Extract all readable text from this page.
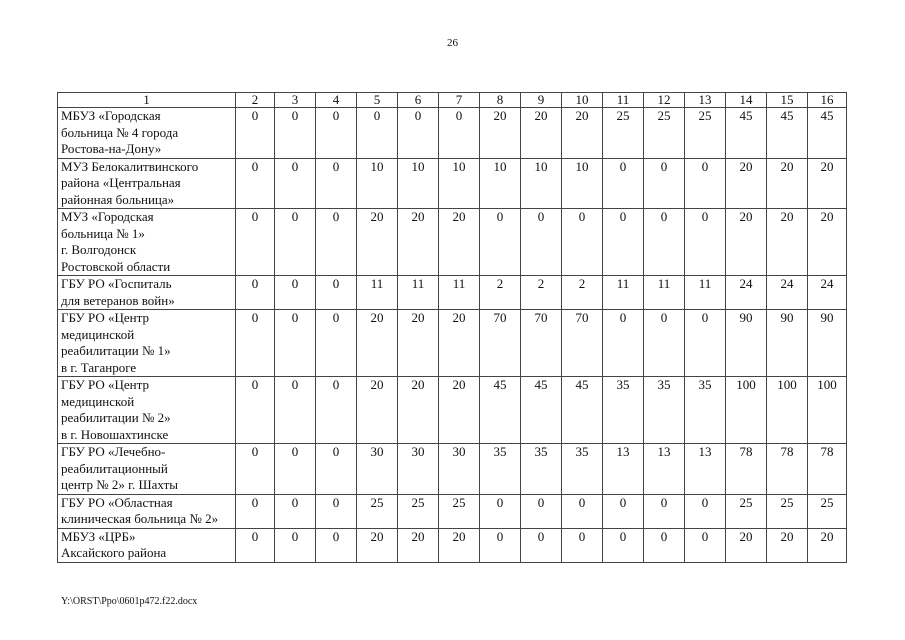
26
1	2	3	4	5	6	7	8	9	10	11	12	13	14	15	16
МБУЗ «Городская
больница № 4 города
Ростова-на-Дону»	0	0	0	0	0	0	20	20	20	25	25	25	45	45	45
МУЗ Белокалитвинского
района «Центральная
районная больница»	0	0	0	10	10	10	10	10	10	0	0	0	20	20	20
МУЗ «Городская
больница № 1»
г. Волгодонск
Ростовской области	0	0	0	20	20	20	0	0	0	0	0	0	20	20	20
ГБУ РО «Госпиталь
для ветеранов войн»	0	0	0	11	11	11	2	2	2	11	11	11	24	24	24
ГБУ РО «Центр
медицинской
реабилитации № 1»
в г. Таганроге	0	0	0	20	20	20	70	70	70	0	0	0	90	90	90
ГБУ РО «Центр
медицинской
реабилитации № 2»
в г. Новошахтинске	0	0	0	20	20	20	45	45	45	35	35	35	100	100	100
ГБУ РО «Лечебно-
реабилитационный
центр № 2» г. Шахты	0	0	0	30	30	30	35	35	35	13	13	13	78	78	78
ГБУ РО «Областная
клиническая больница № 2»	0	0	0	25	25	25	0	0	0	0	0	0	25	25	25
МБУЗ «ЦРБ»
Аксайского района	0	0	0	20	20	20	0	0	0	0	0	0	20	20	20
Y:\ORST\Ppo\0601p472.f22.docx
